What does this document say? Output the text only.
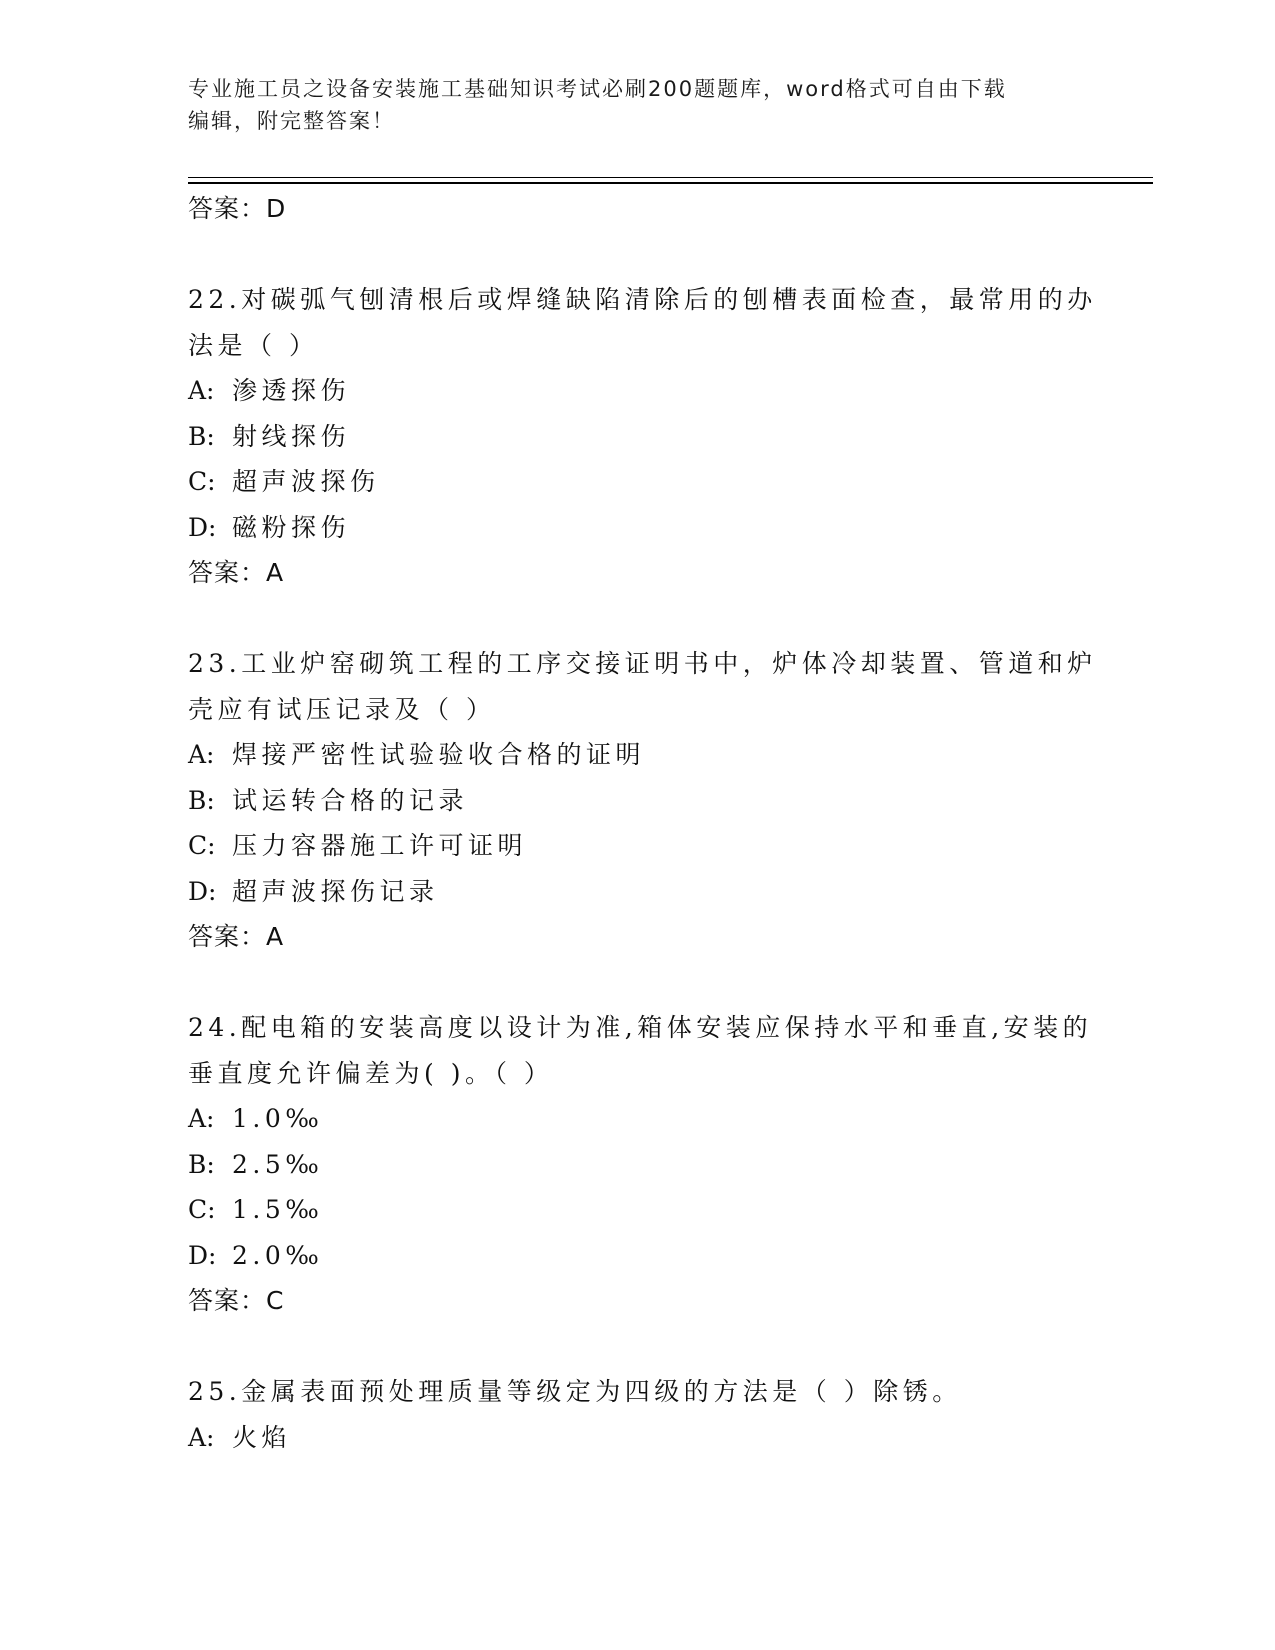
专业施工员之设备安装施工基础知识考试必刷200题题库，word格式可自由下载
编辑，附完整答案！
答案：D
22.对碳弧气刨清根后或焊缝缺陷清除后的刨槽表面检查，最常用的办
法是（ ）
A: 渗透探伤
B: 射线探伤
C: 超声波探伤
D: 磁粉探伤
答案：A
23.工业炉窑砌筑工程的工序交接证明书中，炉体冷却装置、管道和炉
壳应有试压记录及（ ）
A: 焊接严密性试验验收合格的证明
B: 试运转合格的记录
C: 压力容器施工许可证明
D: 超声波探伤记录
答案：A
24.配电箱的安装高度以设计为准,箱体安装应保持水平和垂直,安装的
垂直度允许偏差为( )。（ ）
A: 1.0‰
B: 2.5‰
C: 1.5‰
D: 2.0‰
答案：C
25.金属表面预处理质量等级定为四级的方法是（ ）除锈。
A: 火焰
